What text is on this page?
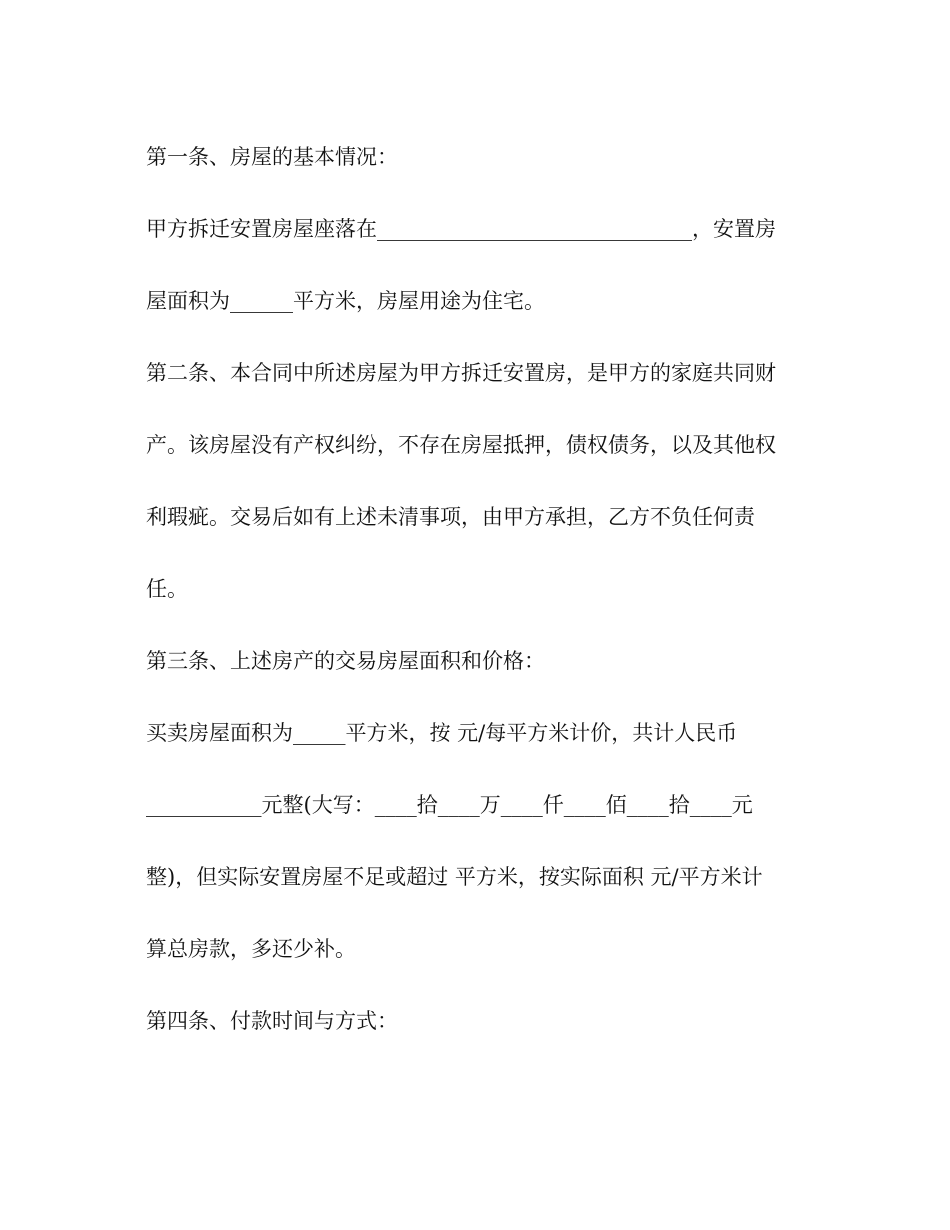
第一条、房屋的基本情况：
甲方拆迁安置房屋座落在______________________________，安置房
屋面积为______平方米，房屋用途为住宅。
第二条、本合同中所述房屋为甲方拆迁安置房，是甲方的家庭共同财
产。该房屋没有产权纠纷，不存在房屋抵押，债权债务，以及其他权
利瑕疵。交易后如有上述未清事项，由甲方承担，乙方不负任何责
任。
第三条、上述房产的交易房屋面积和价格：
买卖房屋面积为_____平方米，按 元/每平方米计价，共计人民币
___________元整(大写：____拾____万____仟____佰____拾____元
整)，但实际安置房屋不足或超过 平方米，按实际面积 元/平方米计
算总房款，多还少补。
第四条、付款时间与方式：
